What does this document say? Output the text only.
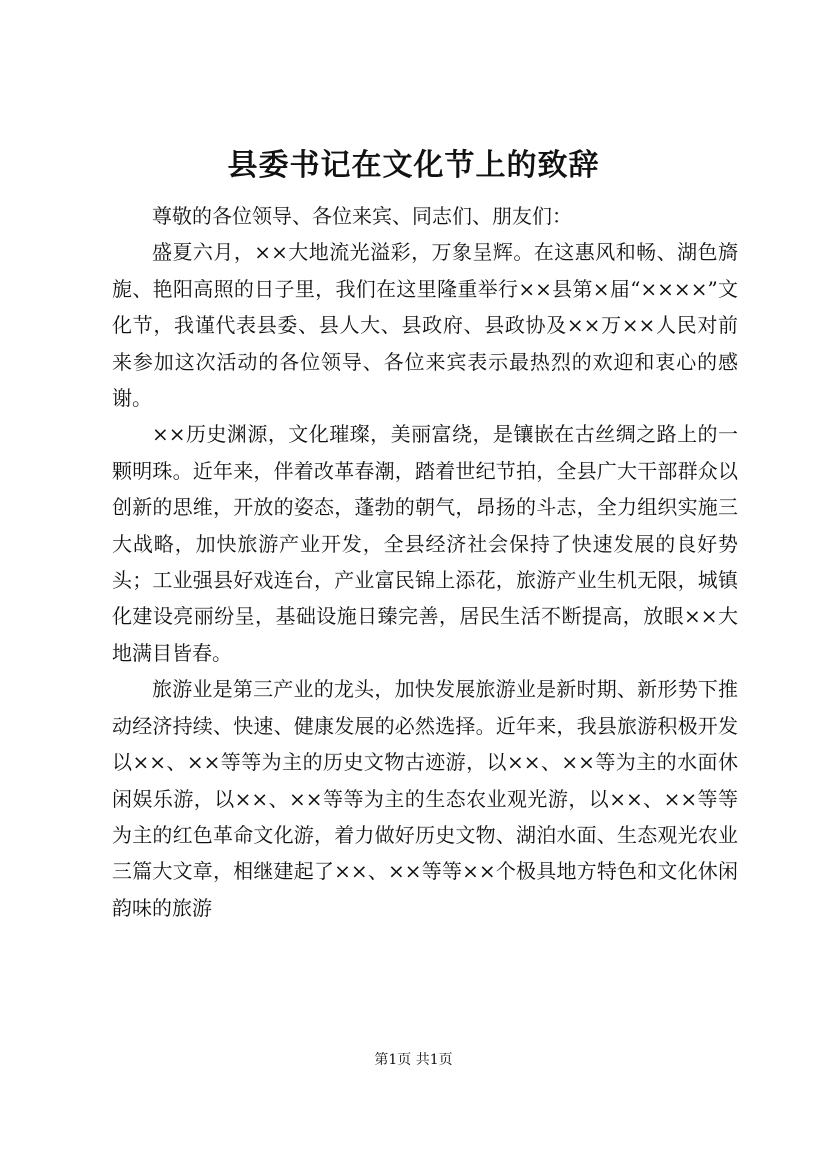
县委书记在文化节上的致辞

尊敬的各位领导、各位来宾、同志们、朋友们：

盛夏六月，××大地流光溢彩，万象呈辉。在这惠风和畅、湖色旖旎、艳阳高照的日子里，我们在这里隆重举行××县第×届“××××”文化节，我谨代表县委、县人大、县政府、县政协及××万××人民对前来参加这次活动的各位领导、各位来宾表示最热烈的欢迎和衷心的感谢。

××历史渊源，文化璀璨，美丽富绕，是镶嵌在古丝绸之路上的一颗明珠。近年来，伴着改革春潮，踏着世纪节拍，全县广大干部群众以创新的思维，开放的姿态，蓬勃的朝气，昂扬的斗志，全力组织实施三大战略，加快旅游产业开发，全县经济社会保持了快速发展的良好势头；工业强县好戏连台，产业富民锦上添花，旅游产业生机无限，城镇化建设亮丽纷呈，基础设施日臻完善，居民生活不断提高，放眼××大地满目皆春。

旅游业是第三产业的龙头，加快发展旅游业是新时期、新形势下推动经济持续、快速、健康发展的必然选择。近年来，我县旅游积极开发以××、××等等为主的历史文物古迹游，以××、××等为主的水面休闲娱乐游，以××、××等等为主的生态农业观光游，以××、××等等为主的红色革命文化游，着力做好历史文物、湖泊水面、生态观光农业三篇大文章，相继建起了××、××等等××个极具地方特色和文化休闲韵味的旅游

第1页 共1页
